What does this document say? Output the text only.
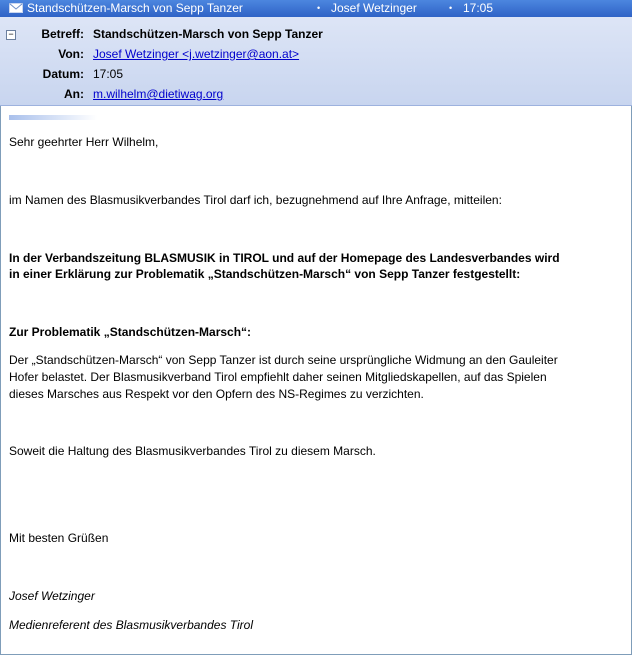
Standschützen-Marsch von Sepp Tanzer	• Josef Wetzinger	• 17:05
−	Betreff: Standschützen-Marsch von Sepp Tanzer
Von: Josef Wetzinger <j.wetzinger@aon.at>
Datum: 17:05
An: m.wilhelm@dietiwag.org

Sehr geehrter Herr Wilhelm,

im Namen des Blasmusikverbandes Tirol darf ich, bezugnehmend auf Ihre Anfrage, mitteilen:

In der Verbandszeitung BLASMUSIK in TIROL und auf der Homepage des Landesverbandes wird

in einer Erklärung zur Problematik „Standschützen-Marsch“ von Sepp Tanzer festgestellt:

Zur Problematik „Standschützen-Marsch“:

Der „Standschützen-Marsch“ von Sepp Tanzer ist durch seine ursprüngliche Widmung an den Gauleiter

Hofer belastet. Der Blasmusikverband Tirol empfiehlt daher seinen Mitgliedskapellen, auf das Spielen

dieses Marsches aus Respekt vor den Opfern des NS-Regimes zu verzichten.

Soweit die Haltung des Blasmusikverbandes Tirol zu diesem Marsch.

Mit besten Grüßen

Josef Wetzinger

Medienreferent des Blasmusikverbandes Tirol
